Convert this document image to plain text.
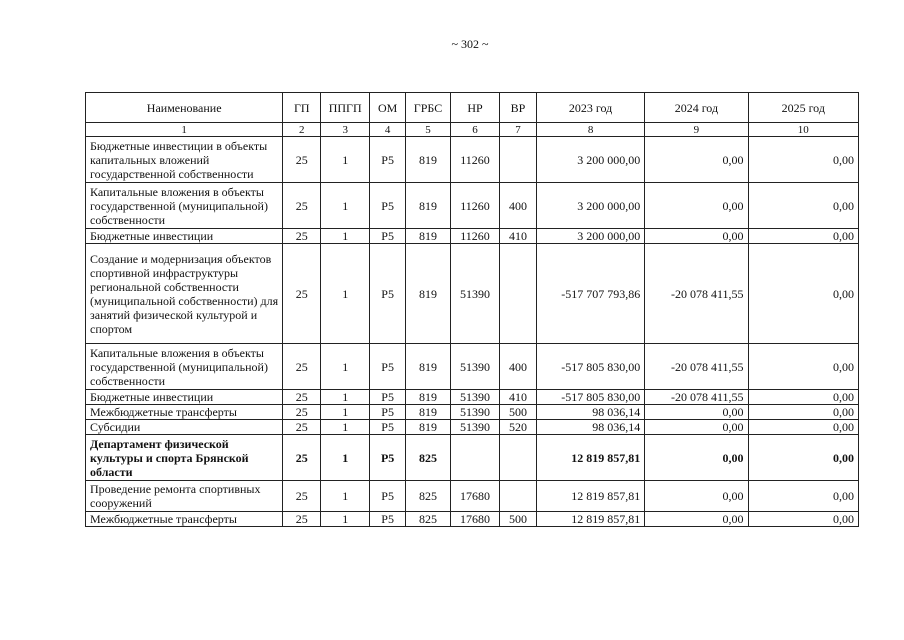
~ 302 ~
Наименование	ГП	ППГП	ОМ	ГРБС	НР	ВР	2023 год	2024 год	2025 год
1	2	3	4	5	6	7	8	9	10
Бюджетные инвестиции в объекты капитальных вложений государственной собственности	25	1	Р5	819	11260		3 200 000,00	0,00	0,00
Капитальные вложения в объекты государственной (муниципальной) собственности	25	1	Р5	819	11260	400	3 200 000,00	0,00	0,00
Бюджетные инвестиции	25	1	Р5	819	11260	410	3 200 000,00	0,00	0,00
Создание и модернизация объектов спортивной инфраструктуры региональной собственности (муниципальной собственности) для занятий физической культурой и спортом	25	1	Р5	819	51390		-517 707 793,86	-20 078 411,55	0,00
Капитальные вложения в объекты государственной (муниципальной) собственности	25	1	Р5	819	51390	400	-517 805 830,00	-20 078 411,55	0,00
Бюджетные инвестиции	25	1	Р5	819	51390	410	-517 805 830,00	-20 078 411,55	0,00
Межбюджетные трансферты	25	1	Р5	819	51390	500	98 036,14	0,00	0,00
Субсидии	25	1	Р5	819	51390	520	98 036,14	0,00	0,00
Департамент физической культуры и спорта Брянской области	25	1	Р5	825			12 819 857,81	0,00	0,00
Проведение ремонта спортивных сооружений	25	1	Р5	825	17680		12 819 857,81	0,00	0,00
Межбюджетные трансферты	25	1	Р5	825	17680	500	12 819 857,81	0,00	0,00
